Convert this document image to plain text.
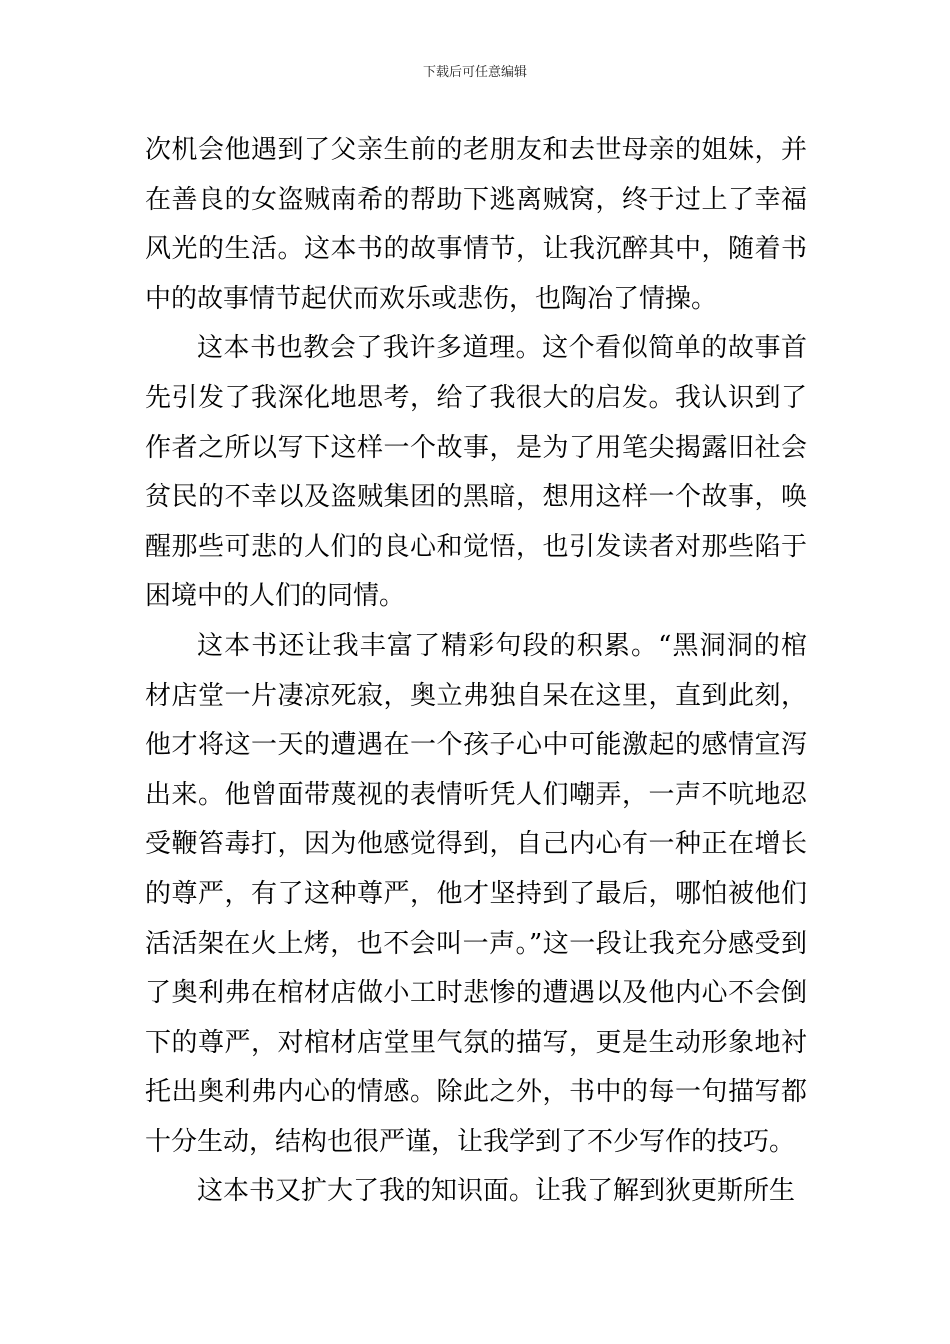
下载后可任意编辑

次机会他遇到了父亲生前的老朋友和去世母亲的姐妹，并在善良的女盗贼南希的帮助下逃离贼窝，终于过上了幸福风光的生活。这本书的故事情节，让我沉醉其中，随着书中的故事情节起伏而欢乐或悲伤，也陶冶了情操。

这本书也教会了我许多道理。这个看似简单的故事首先引发了我深化地思考，给了我很大的启发。我认识到了作者之所以写下这样一个故事，是为了用笔尖揭露旧社会贫民的不幸以及盗贼集团的黑暗，想用这样一个故事，唤醒那些可悲的人们的良心和觉悟，也引发读者对那些陷于困境中的人们的同情。

这本书还让我丰富了精彩句段的积累。“黑洞洞的棺材店堂一片凄凉死寂，奥立弗独自呆在这里，直到此刻，他才将这一天的遭遇在一个孩子心中可能激起的感情宣泻出来。他曾面带蔑视的表情听凭人们嘲弄，一声不吭地忍受鞭笞毒打，因为他感觉得到，自己内心有一种正在增长的尊严，有了这种尊严，他才坚持到了最后，哪怕被他们活活架在火上烤，也不会叫一声。”这一段让我充分感受到了奥利弗在棺材店做小工时悲惨的遭遇以及他内心不会倒下的尊严，对棺材店堂里气氛的描写，更是生动形象地衬托出奥利弗内心的情感。除此之外，书中的每一句描写都十分生动，结构也很严谨，让我学到了不少写作的技巧。

这本书又扩大了我的知识面。让我了解到狄更斯所生
